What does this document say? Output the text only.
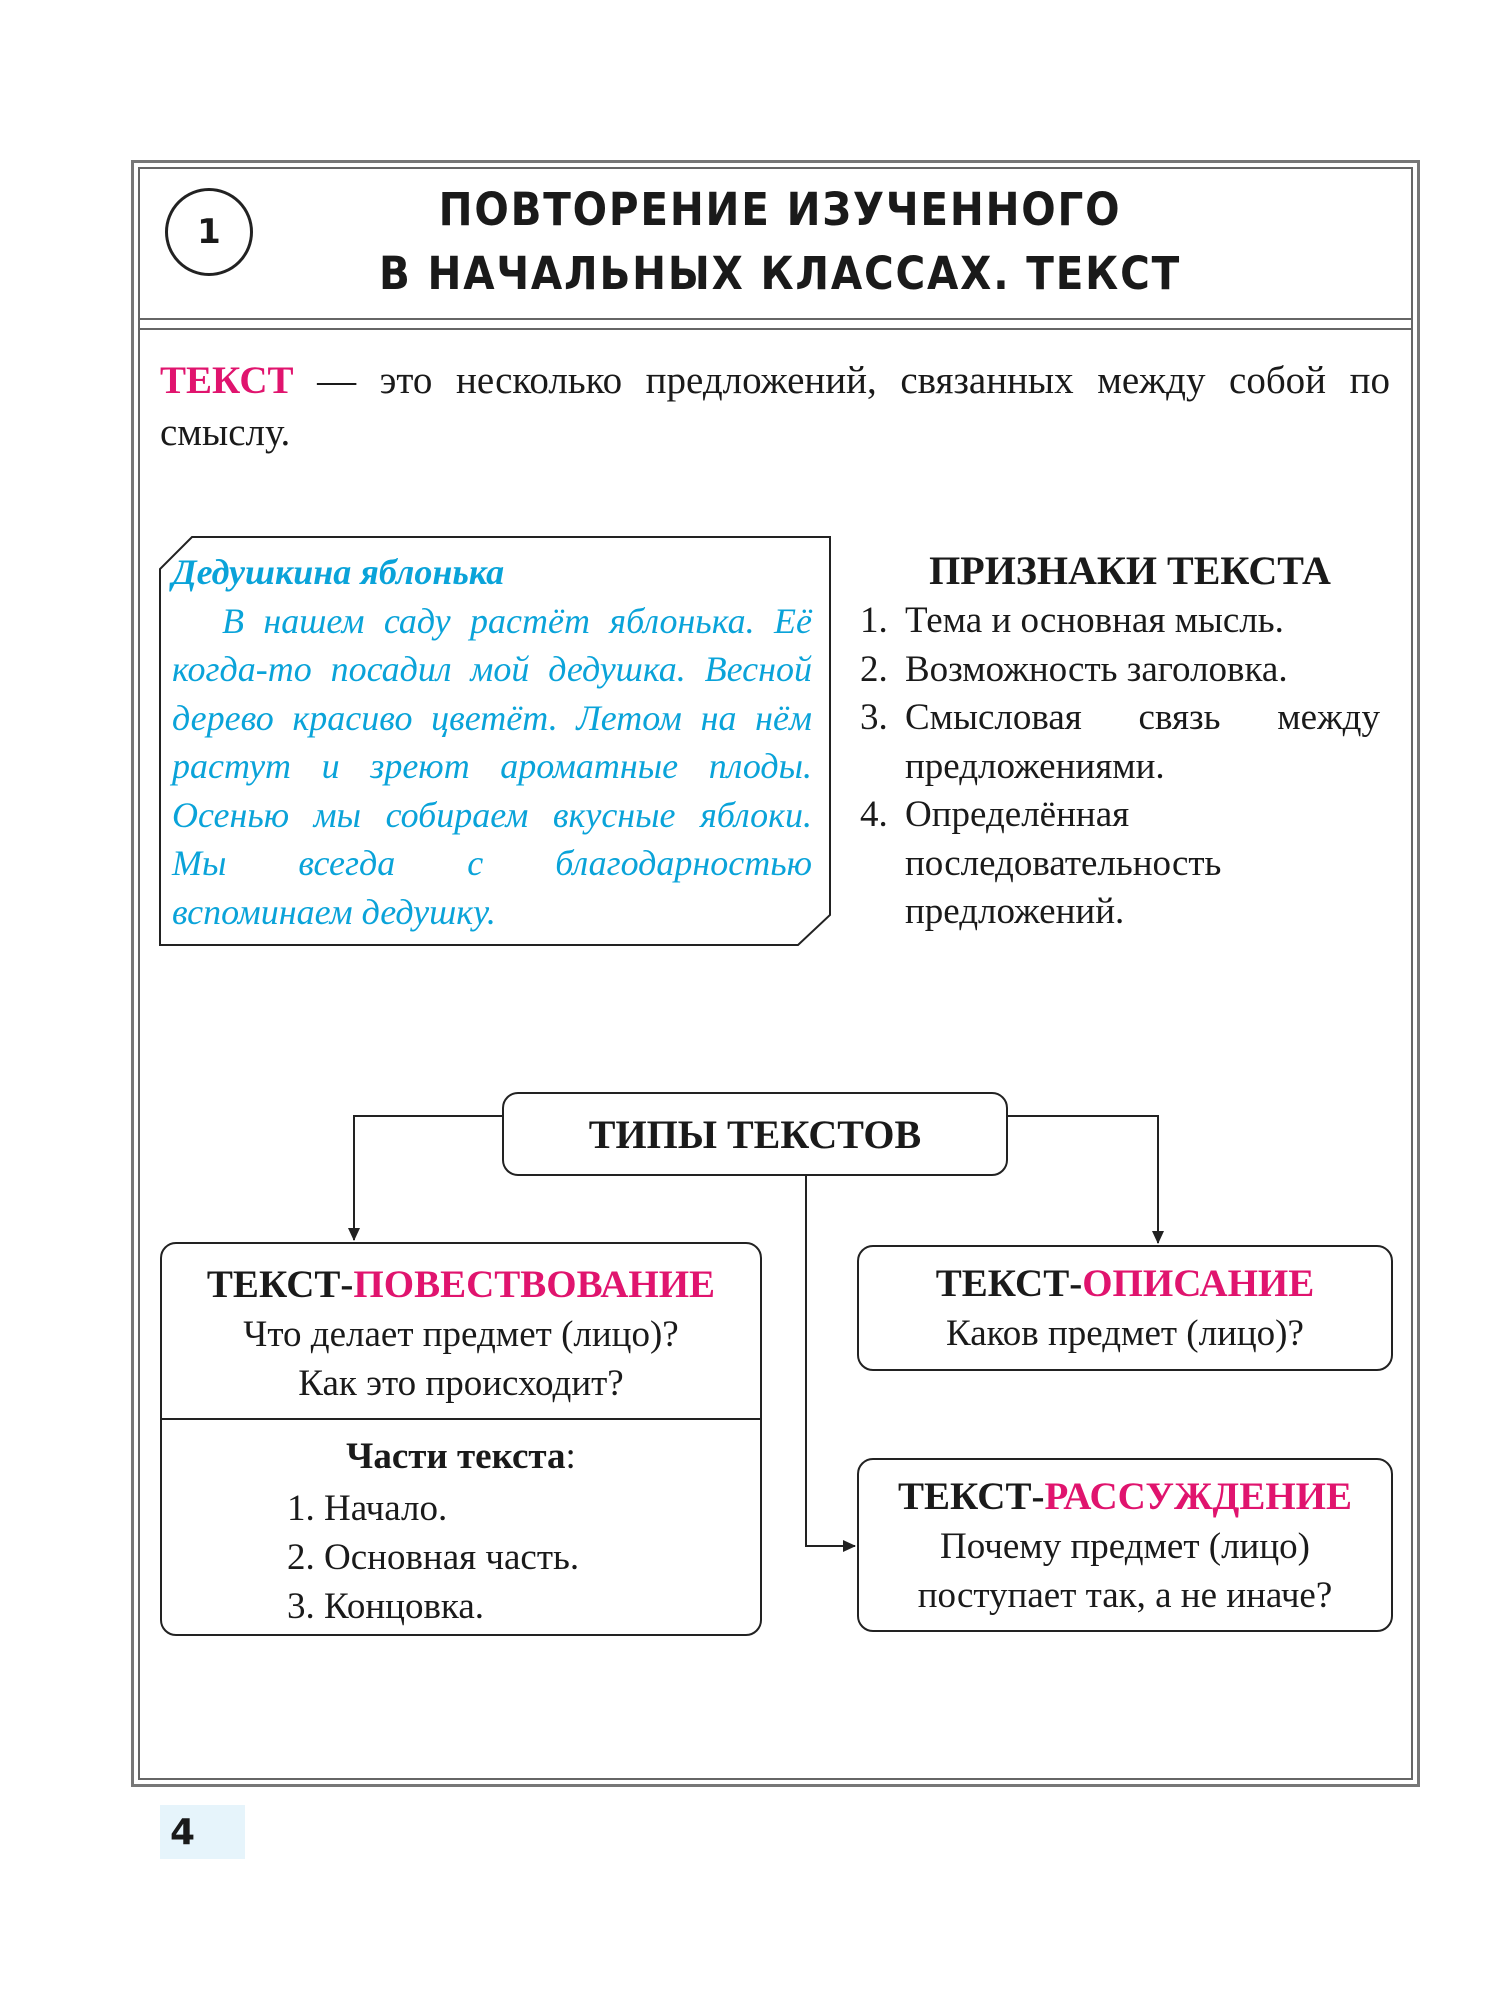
1	ПОВТОРЕНИЕ ИЗУЧЕННОГО
В НАЧАЛЬНЫХ КЛАССАХ. ТЕКСТ
ТЕКСТ — это несколько предложений, связанных между собой по смыслу.
Дедушкина яблонька
В нашем саду растёт яблонька. Её когда-то посадил мой дедушка. Весной дерево красиво цветёт. Летом на нём растут и зреют ароматные плоды. Осенью мы собираем вкусные яблоки. Мы всегда с благодарностью вспоминаем дедушку.
ПРИЗНАКИ ТЕКСТА
1. Тема и основная мысль.
2. Возможность заголовка.
3. Смысловая связь между предложениями.
4. Определённая последовательность предложений.
ТИПЫ ТЕКСТОВ
ТЕКСТ-ПОВЕСТВОВАНИЕ
Что делает предмет (лицо)?
Как это происходит?
Части текста:
1. Начало.
2. Основная часть.
3. Концовка.
ТЕКСТ-ОПИСАНИЕ
Каков предмет (лицо)?
ТЕКСТ-РАССУЖДЕНИЕ
Почему предмет (лицо)
поступает так, а не иначе?
4
